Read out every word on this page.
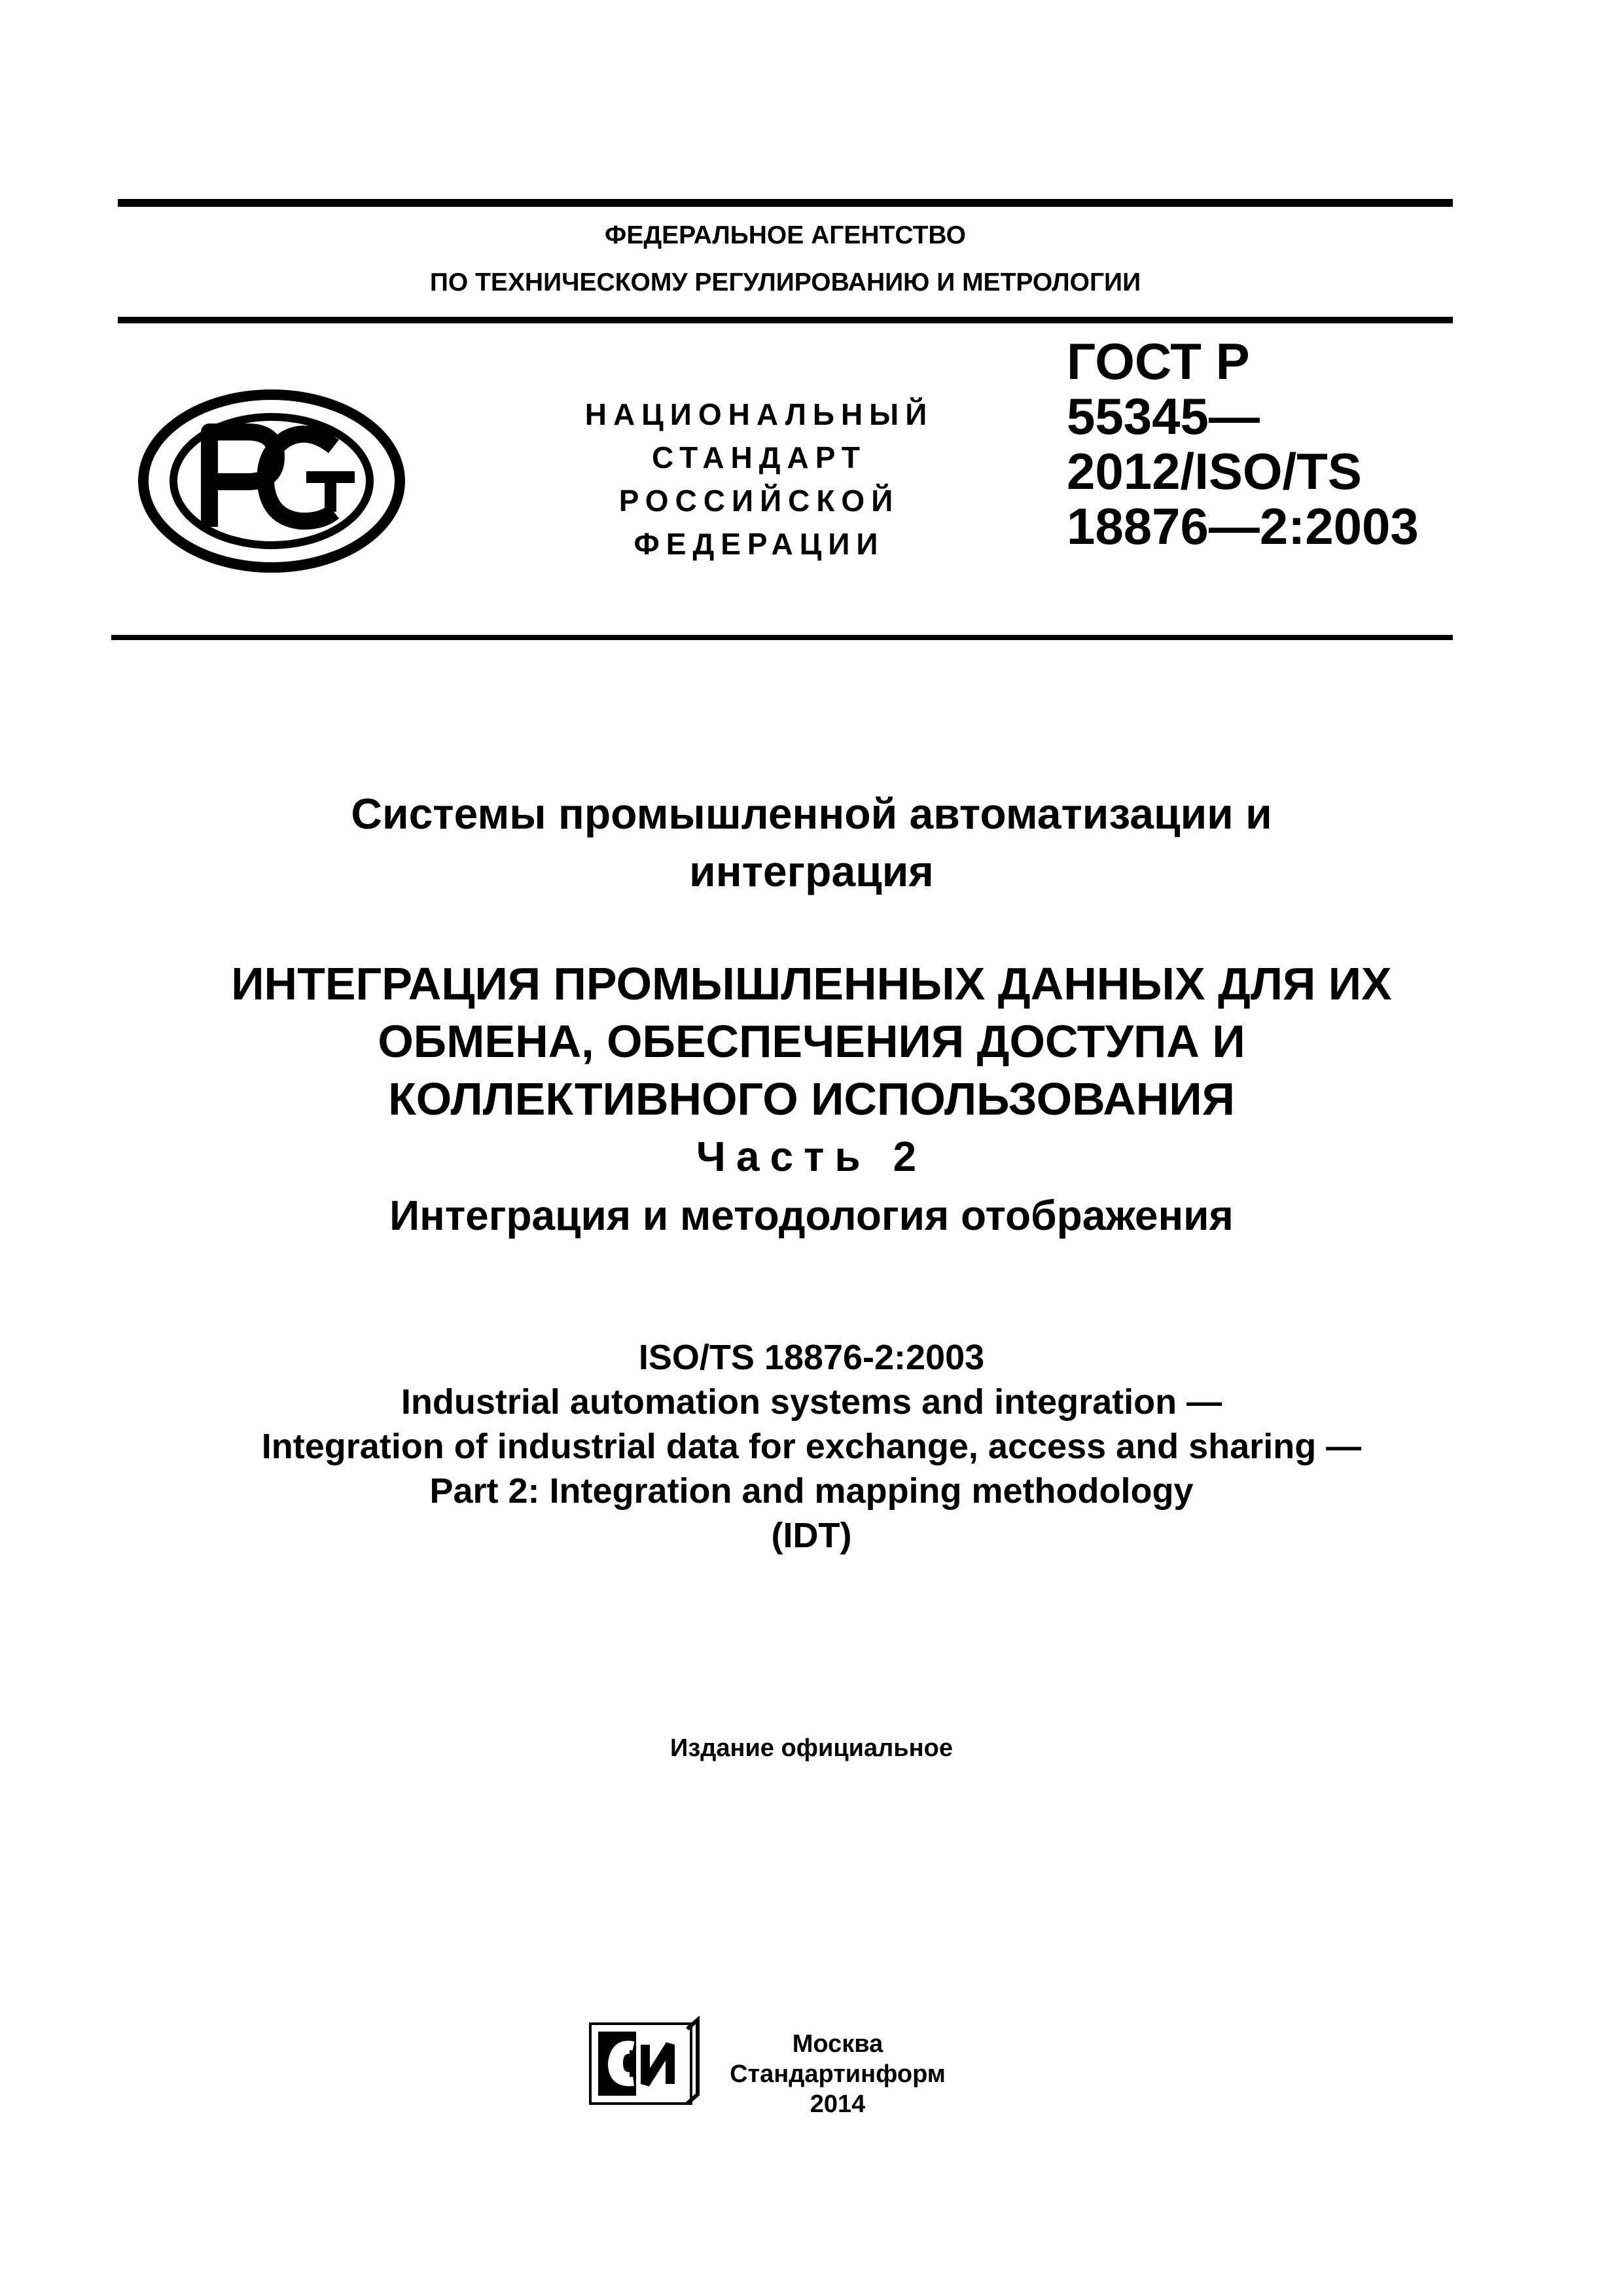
ФЕДЕРАЛЬНОЕ АГЕНТСТВО
ПО ТЕХНИЧЕСКОМУ РЕГУЛИРОВАНИЮ И МЕТРОЛОГИИ
НАЦИОНАЛЬНЫЙ
СТАНДАРТ
РОССИЙСКОЙ
ФЕДЕРАЦИИ
ГОСТ Р
55345—
2012/ISO/TS
18876—2:2003
Системы промышленной автоматизации и
интеграция
ИНТЕГРАЦИЯ ПРОМЫШЛЕННЫХ ДАННЫХ ДЛЯ ИХ
ОБМЕНА, ОБЕСПЕЧЕНИЯ ДОСТУПА И
КОЛЛЕКТИВНОГО ИСПОЛЬЗОВАНИЯ
Часть 2
Интеграция и методология отображения
ISO/TS 18876-2:2003
Industrial automation systems and integration —
Integration of industrial data for exchange, access and sharing —
Part 2: Integration and mapping methodology
(IDT)
Издание официальное
Москва
Стандартинформ
2014
